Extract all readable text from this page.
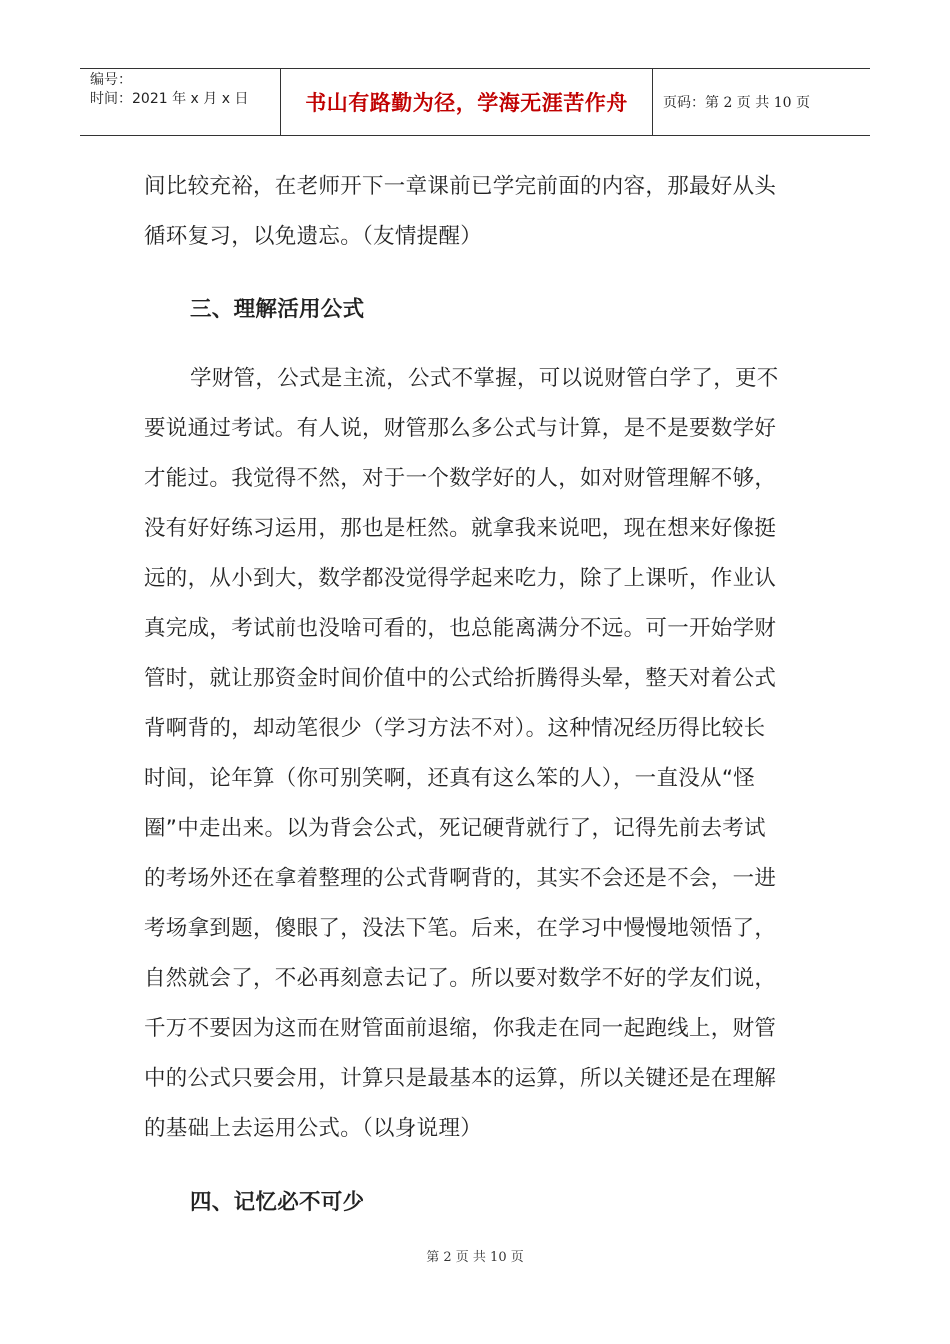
编号：
时间：2021 年 x 月 x 日	书山有路勤为径，学海无涯苦作舟	页码：第 2 页 共 10 页
间比较充裕，在老师开下一章课前已学完前面的内容，那最好从头
循环复习，以免遗忘。（友情提醒）
三、理解活用公式
学财管，公式是主流，公式不掌握，可以说财管白学了，更不
要说通过考试。有人说，财管那么多公式与计算，是不是要数学好
才能过。我觉得不然，对于一个数学好的人，如对财管理解不够，
没有好好练习运用，那也是枉然。就拿我来说吧，现在想来好像挺
远的，从小到大，数学都没觉得学起来吃力，除了上课听，作业认
真完成，考试前也没啥可看的，也总能离满分不远。可一开始学财
管时，就让那资金时间价值中的公式给折腾得头晕，整天对着公式
背啊背的，却动笔很少（学习方法不对）。这种情况经历得比较长
时间，论年算（你可别笑啊，还真有这么笨的人），一直没从“怪
圈”中走出来。以为背会公式，死记硬背就行了，记得先前去考试
的考场外还在拿着整理的公式背啊背的，其实不会还是不会，一进
考场拿到题，傻眼了，没法下笔。后来，在学习中慢慢地领悟了，
自然就会了，不必再刻意去记了。所以要对数学不好的学友们说，
千万不要因为这而在财管面前退缩，你我走在同一起跑线上，财管
中的公式只要会用，计算只是最基本的运算，所以关键还是在理解
的基础上去运用公式。（以身说理）
四、记忆必不可少
第 2 页 共 10 页
